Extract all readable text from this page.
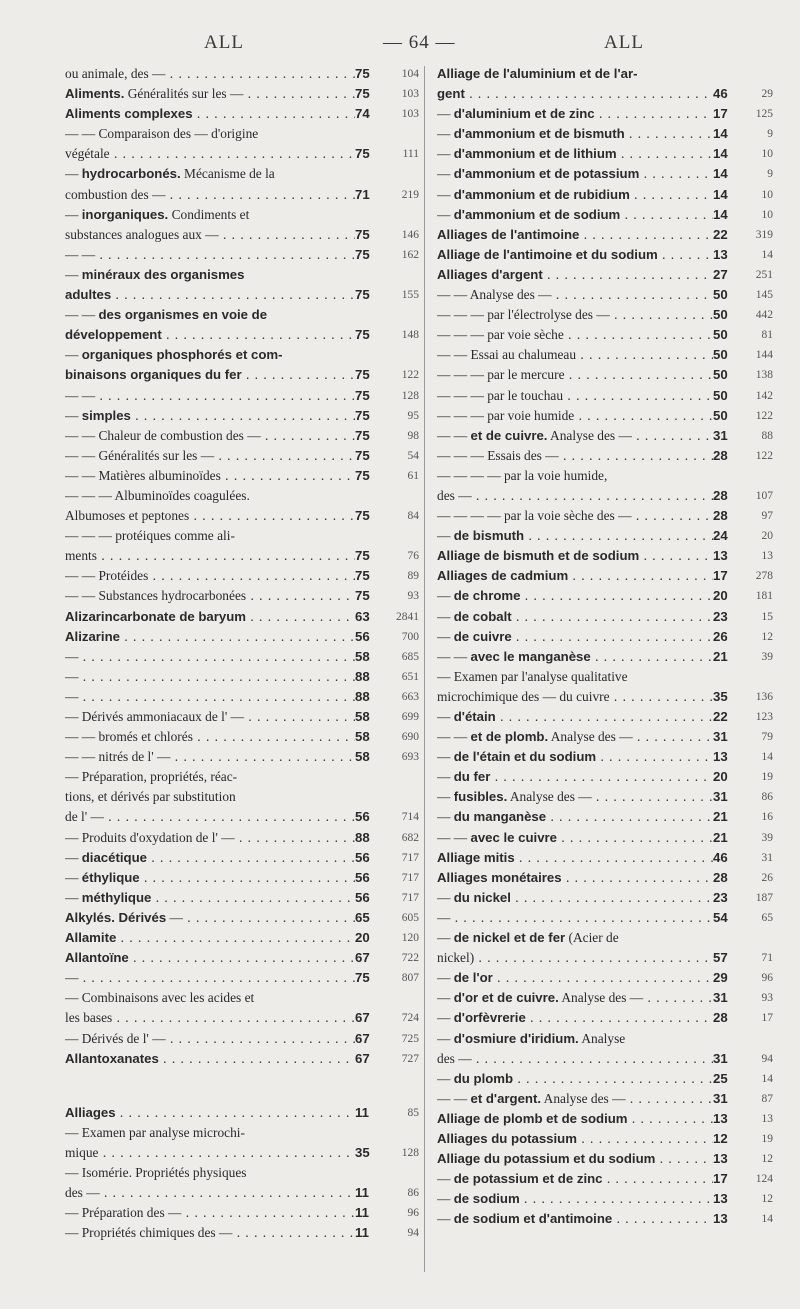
ALL	— 64 —	ALL
ou animale, des — . . .	75	104
Aliments. Généralités sur les — . . .	75	103
Aliments complexes . . .	74	103
— — Comparaison des — d'origine
végétale . . .	75	111
— hydrocarbonés. Mécanisme de la
combustion des — . . .	71	219
— inorganiques. Condiments et
substances analogues aux — . . .	75	146
— — . . .	75	162
— minéraux des organismes
adultes . . .	75	155
— — des organismes en voie de
développement . . .	75	148
— organiques phosphorés et com-
binaisons organiques du fer . . .	75	122
— — . . .	75	128
— simples . . .	75	95
— — Chaleur de combustion des — . . .	75	98
— — Généralités sur les — . . .	75	54
— — Matières albuminoïdes . . .	75	61
— — — Albuminoïdes coagulées.
Albumoses et peptones . . .	75	84
— — — protéiques comme ali-
ments . . .	75	76
— — Protéides . . .	75	89
— — Substances hydrocarbonées . . .	75	93
Alizarincarbonate de baryum . . .	63	2841
Alizarine . . .	56	700
— . . .	58	685
— . . .	88	651
— . . .	88	663
— Dérivés ammoniacaux de l' — . . .	58	699
— — bromés et chlorés . . .	58	690
— — nitrés de l' — . . .	58	693
— Préparation, propriétés, réac-
tions, et dérivés par substitution
de l' — . . .	56	714
— Produits d'oxydation de l' — . . .	88	682
— diacétique . . .	56	717
— éthylique . . .	56	717
— méthylique . . .	56	717
Alkylés. Dérivés — . . .	65	605
Allamite . . .	20	120
Allantoïne . . .	67	722
— . . .	75	807
— Combinaisons avec les acides et
les bases . . .	67	724
— Dérivés de l' — . . .	67	725
Allantoxanates . . .	67	727
Alliages . . .	11	85
— Examen par analyse microchi-
mique . . .	35	128
— Isomérie. Propriétés physiques
des — . . .	11	86
— Préparation des — . . .	11	96
— Propriétés chimiques des — . . .	11	94
Alliage de l'aluminium et de l'ar-
gent . . .	46	29
— d'aluminium et de zinc . . .	17	125
— d'ammonium et de bismuth . . .	14	9
— d'ammonium et de lithium . . .	14	10
— d'ammonium et de potassium . . .	14	9
— d'ammonium et de rubidium . . .	14	10
— d'ammonium et de sodium . . .	14	10
Alliages de l'antimoine . . .	22	319
Alliage de l'antimoine et du sodium . . .	13	14
Alliages d'argent . . .	27	251
— — Analyse des — . . .	50	145
— — — par l'électrolyse des — . . .	50	442
— — — par voie sèche . . .	50	81
— — Essai au chalumeau . . .	50	144
— — — par le mercure . . .	50	138
— — — par le touchau . . .	50	142
— — — par voie humide . . .	50	122
— — et de cuivre. Analyse des — . . .	31	88
— — — Essais des — . . .	28	122
— — — — par la voie humide,
des — . . .	28	107
— — — — par la voie sèche des — . . .	28	97
— de bismuth . . .	24	20
Alliage de bismuth et de sodium . . .	13	13
Alliages de cadmium . . .	17	278
— de chrome . . .	20	181
— de cobalt . . .	23	15
— de cuivre . . .	26	12
— — avec le manganèse . . .	21	39
— Examen par l'analyse qualitative
microchimique des — du cuivre . . .	35	136
— d'étain . . .	22	123
— — et de plomb. Analyse des — . . .	31	79
— de l'étain et du sodium . . .	13	14
— du fer . . .	20	19
— fusibles. Analyse des — . . .	31	86
— du manganèse . . .	21	16
— — avec le cuivre . . .	21	39
Alliage mitis . . .	46	31
Alliages monétaires . . .	28	26
— du nickel . . .	23	187
— . . .	54	65
— de nickel et de fer (Acier de
nickel) . . .	57	71
— de l'or . . .	29	96
— d'or et de cuivre. Analyse des — . . .	31	93
— d'orfèvrerie . . .	28	17
— d'osmiure d'iridium. Analyse
des — . . .	31	94
— du plomb . . .	25	14
— — et d'argent. Analyse des — . . .	31	87
Alliage de plomb et de sodium . . .	13	13
Alliages du potassium . . .	12	19
Alliage du potassium et du sodium . . .	13	12
— de potassium et de zinc . . .	17	124
— de sodium . . .	13	12
— de sodium et d'antimoine . . .	13	14
